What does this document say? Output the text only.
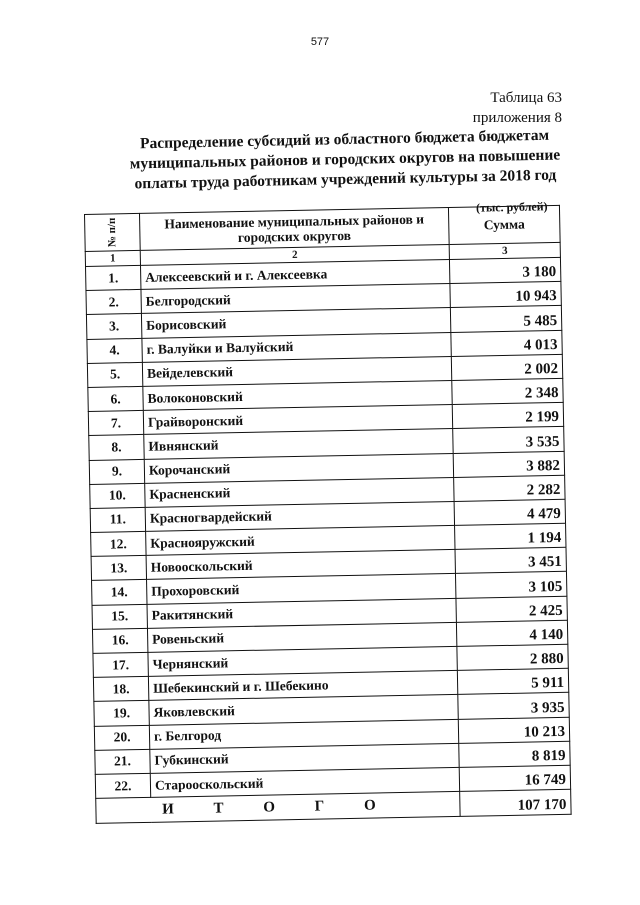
577
Таблица 63
приложения 8
Распределение субсидий из областного бюджета бюджетам муниципальных районов и городских округов на повышение оплаты труда работникам учреждений культуры за 2018 год
(тыс. рублей)
№ п/п	Наименование муниципальных районов и городских округов	Сумма
1	2	3
1.	Алексеевский и г. Алексеевка	3 180
2.	Белгородский	10 943
3.	Борисовский	5 485
4.	г. Валуйки и Валуйский	4 013
5.	Вейделевский	2 002
6.	Волоконовский	2 348
7.	Грайворонский	2 199
8.	Ивнянский	3 535
9.	Корочанский	3 882
10.	Красненский	2 282
11.	Красногвардейский	4 479
12.	Краснояружский	1 194
13.	Новооскольский	3 451
14.	Прохоровский	3 105
15.	Ракитянский	2 425
16.	Ровеньский	4 140
17.	Чернянский	2 880
18.	Шебекинский и г. Шебекино	5 911
19.	Яковлевский	3 935
20.	г. Белгород	10 213
21.	Губкинский	8 819
22.	Старооскольский	16 749
И Т О Г О		107 170
